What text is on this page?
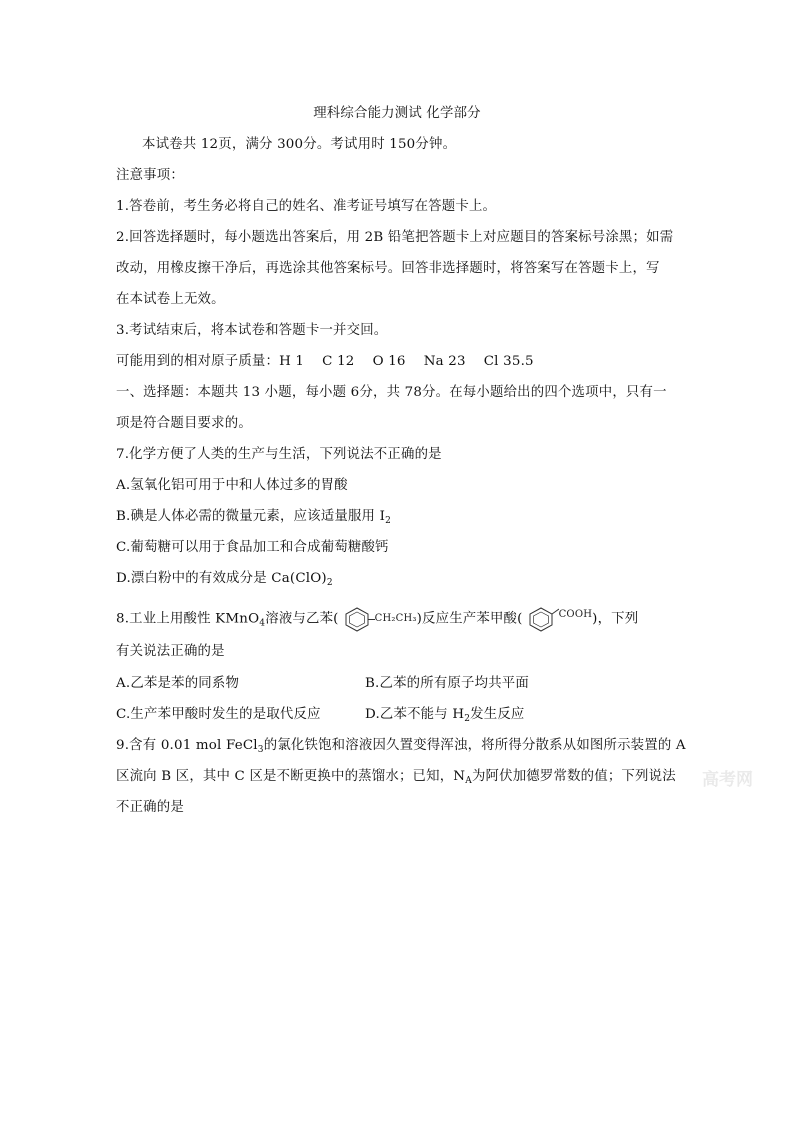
理科综合能力测试 化学部分
本试卷共 12页，满分 300分。考试用时 150分钟。
注意事项：
1.答卷前，考生务必将自己的姓名、准考证号填写在答题卡上。
2.回答选择题时，每小题选出答案后，用 2B 铅笔把答题卡上对应题目的答案标号涂黑；如需
改动，用橡皮擦干净后，再选涂其他答案标号。回答非选择题时，将答案写在答题卡上，写
在本试卷上无效。
3.考试结束后，将本试卷和答题卡一并交回。
可能用到的相对原子质量：H 1　 C 12　 O 16　 Na 23　 Cl 35.5
一、选择题：本题共 13 小题，每小题 6分，共 78分。在每小题给出的四个选项中，只有一
项是符合题目要求的。
7.化学方便了人类的生产与生活，下列说法不正确的是
A.氢氧化铝可用于中和人体过多的胃酸
B.碘是人体必需的微量元素，应该适量服用 $I_2$
C.葡萄糖可以用于食品加工和合成葡萄糖酸钙
D.漂白粉中的有效成分是 $Ca(ClO)_2$
8.工业上用酸性 KMnO$_4$溶液与乙苯(	CH₂CH₃)反应生产苯甲酸(	COOH)，下列
有关说法正确的是
A.乙苯是苯的同系物	B.乙苯的所有原子均共平面
C.生产苯甲酸时发生的是取代反应	D.乙苯不能与 $H_2$发生反应
9.含有 0.01 mol FeCl$_3$的氯化铁饱和溶液因久置变得浑浊，将所得分散系从如图所示装置的 A
区流向 B 区，其中 C 区是不断更换中的蒸馏水；已知，$N_A$为阿伏加德罗常数的值；下列说法
不正确的是
高考网
